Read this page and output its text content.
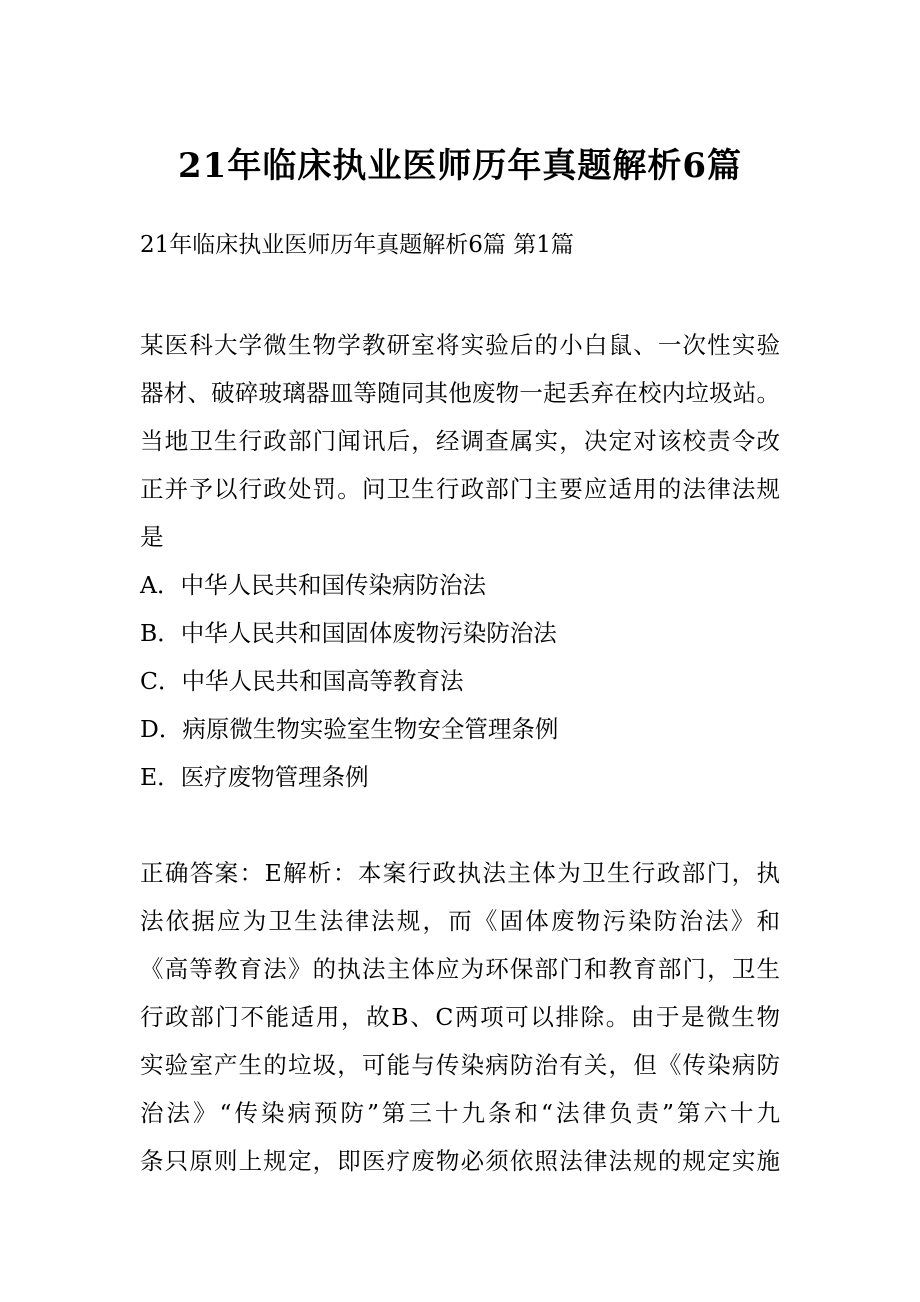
21年临床执业医师历年真题解析6篇
21年临床执业医师历年真题解析6篇 第1篇
某医科大学微生物学教研室将实验后的小白鼠、一次性实验
器材、破碎玻璃器皿等随同其他废物一起丢弃在校内垃圾站。
当地卫生行政部门闻讯后，经调查属实，决定对该校责令改
正并予以行政处罚。问卫生行政部门主要应适用的法律法规
是
A．中华人民共和国传染病防治法
B．中华人民共和国固体废物污染防治法
C．中华人民共和国高等教育法
D．病原微生物实验室生物安全管理条例
E．医疗废物管理条例
正确答案：E解析：本案行政执法主体为卫生行政部门，执
法依据应为卫生法律法规，而《固体废物污染防治法》和
《高等教育法》的执法主体应为环保部门和教育部门，卫生
行政部门不能适用，故B、C两项可以排除。由于是微生物
实验室产生的垃圾，可能与传染病防治有关，但《传染病防
治法》“传染病预防”第三十九条和“法律负责”第六十九
条只原则上规定，即医疗废物必须依照法律法规的规定实施
